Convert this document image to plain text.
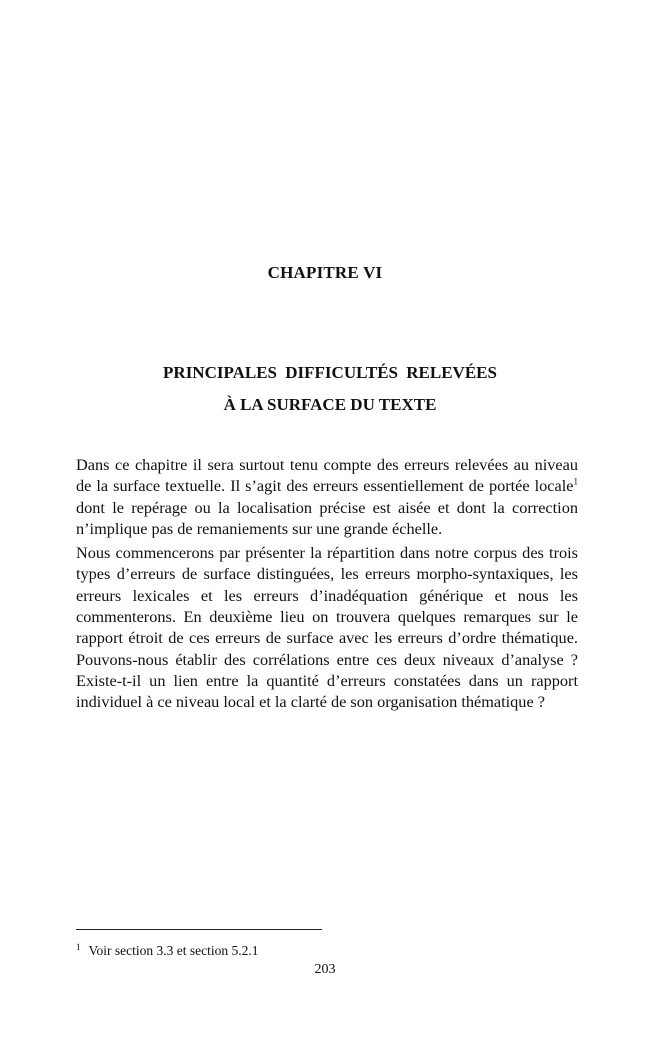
CHAPITRE VI
PRINCIPALES DIFFICULTÉS RELEVÉES
À LA SURFACE DU TEXTE

Dans ce chapitre il sera surtout tenu compte des erreurs relevées au niveau de la surface textuelle. Il s’agit des erreurs essentiellement de portée locale$^1$ dont le repérage ou la localisation précise est aisée et dont la correction n’implique pas de remaniements sur une grande échelle.

Nous commencerons par présenter la répartition dans notre corpus des trois types d’erreurs de surface distinguées, les erreurs morpho-syntaxiques, les erreurs lexicales et les erreurs d’inadéquation générique et nous les commenterons. En deuxième lieu on trouvera quelques remarques sur le rapport étroit de ces erreurs de surface avec les erreurs d’ordre thématique. Pouvons-nous établir des corrélations entre ces deux niveaux d’analyse ? Existe-t-il un lien entre la quantité d’erreurs constatées dans un rapport individuel à ce niveau local et la clarté de son organisation thématique ?

$^1$ Voir section 3.3 et section 5.2.1
203
